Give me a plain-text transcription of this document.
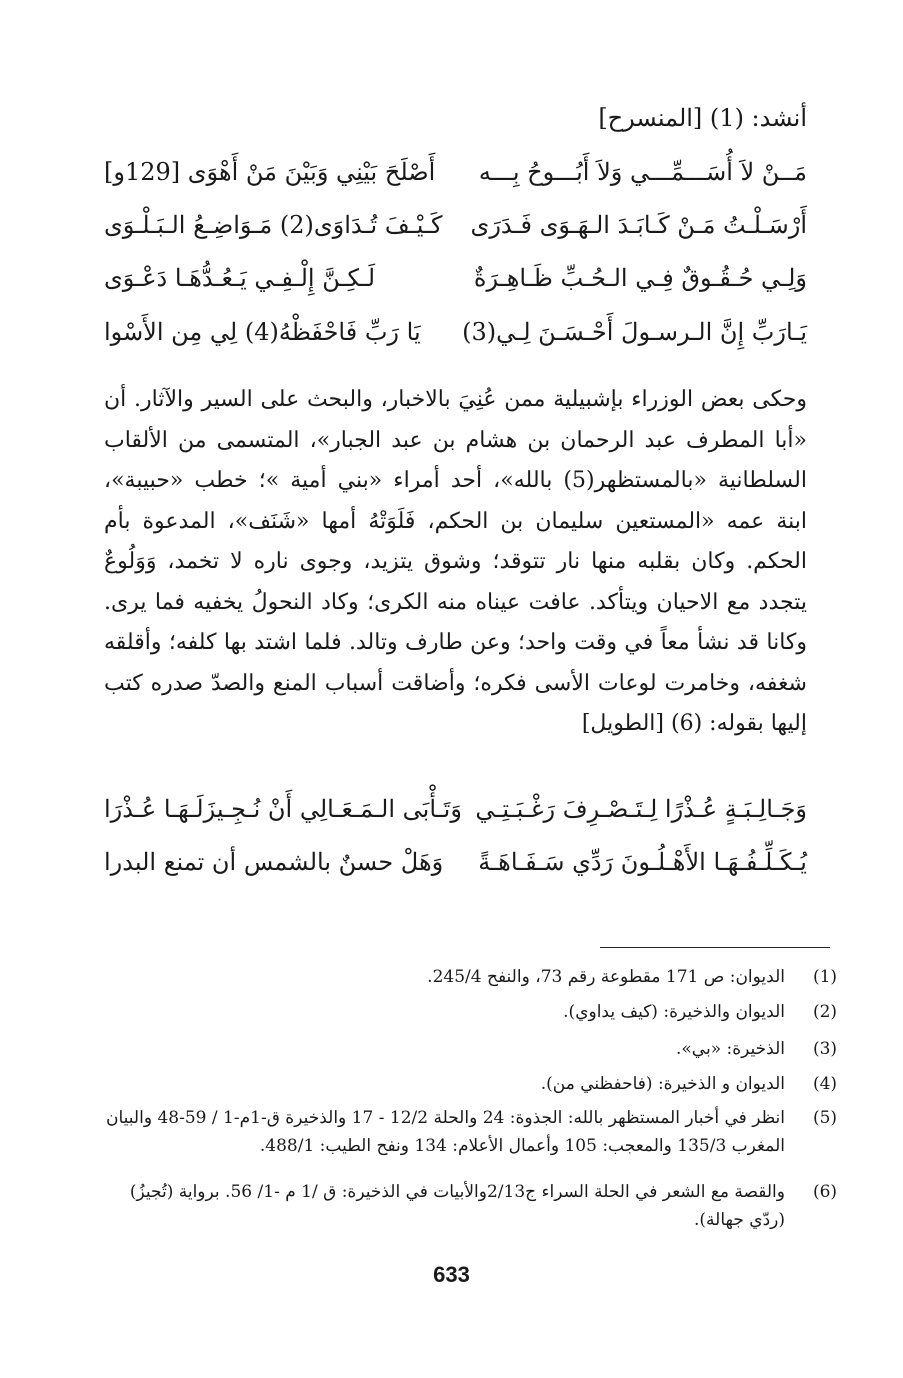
أنشد: (1) [المنسرح]
مَــنْ لاَ أُسَـــمِّـــي وَلاَ أَبُـــوحُ بِـــه
أَصْلَحَ بَيْنِي وَبَيْنَ مَنْ أَهْوَى [129و]
أَرْسَـلْـتُ مَـنْ كَـابَـدَ الـهَـوَى فَـدَرَى
كَـيْـفَ تُـدَاوَى(2) مَـوَاضِـعُ الـبَـلْـوَى
وَلِـي حُـقُـوقٌ فِـي الـحُـبِّ ظَـاهِـرَةٌ
لَـكِـنَّ إِلْـفِـي يَـعُـدُّهَـا دَعْـوَى
يَـارَبِّ إِنَّ الـرسـولَ أَحْـسَـنَ لِـي(3)
يَا رَبِّ فَاحْفَظْهُ(4) لِي مِن الأَسْوا

وحكى بعض الوزراء بإشبيلية ممن عُنِيَ بالاخبار، والبحث على السير والآثار. أن «أبا المطرف عبد الرحمان بن هشام بن عبد الجبار»، المتسمى من الألقاب السلطانية «بالمستظهر(5) بالله»، أحد أمراء «بني أمية »؛ خطب «حبيبة»، ابنة عمه «المستعين سليمان بن الحكم، فَلَوَتْهُ أمها «شَنَف»، المدعوة بأم الحكم. وكان بقلبه منها نار تتوقد؛ وشوق يتزيد، وجوى ناره لا تخمد، وَوَلُوعٌ يتجدد مع الاحيان ويتأكد. عافت عيناه منه الكرى؛ وكاد النحولُ يخفيه فما يرى. وكانا قد نشأ معاً في وقت واحد؛ وعن طارف وتالد. فلما اشتد بها كلفه؛ وأقلقه شغفه، وخامرت لوعات الأسى فكره؛ وأضاقت أسباب المنع والصدّ صدره كتب إليها بقوله: (6) [الطويل]

وَجَـالِـبَـةٍ عُـذْرًا لِـتَـصْـرِفَ رَغْـبَـتِـي
وَتَـأْبَى الـمَـعَـالِي أَنْ نُـجِـيزَلَـهَـا عُـذْرَا
يُـكَـلِّـفُـهَـا الأَهْـلُـونَ رَدِّي سَـفَـاهَـةً
وَهَلْ حسنٌ بالشمس أن تمنع البدرا
(1)
الديوان: ص 171 مقطوعة رقم 73، والنفح 245/4.
(2)
الديوان والذخيرة: (كيف يداوي).
(3)
الذخيرة: «بي».
(4)
الديوان و الذخيرة: (فاحفظني من).
(5)
انظر في أخبار المستظهر بالله: الجذوة: 24 والحلة 12/2 - 17 والذخيرة ق-1م-1 / 59-48 والبيان المغرب 135/3 والمعجب: 105 وأعمال الأعلام: 134 ونفح الطيب: 488/1.
(6)
والقصة مع الشعر في الحلة السراء ج2/13والأبيات في الذخيرة: ق /1 م -1/ 56. برواية (تُجيزُ) (ردّي جهالة).
633
